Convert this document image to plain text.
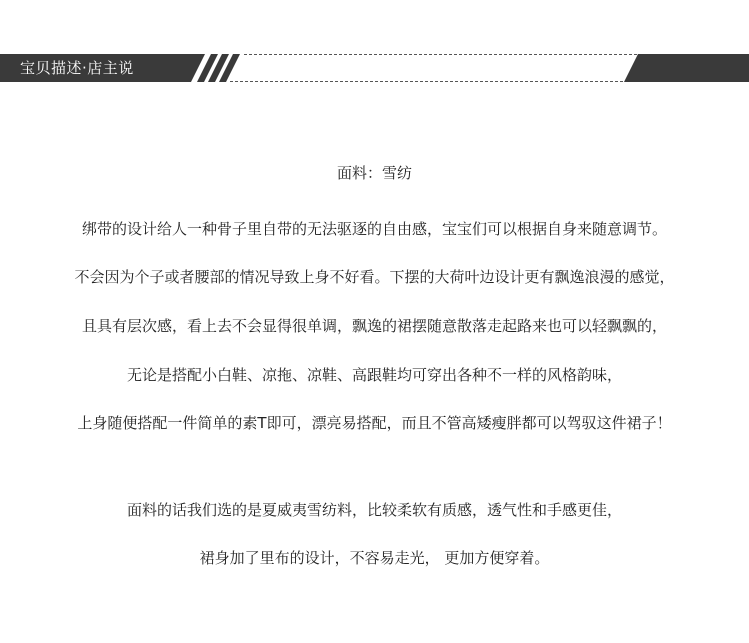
宝贝描述·店主说
面料：雪纺
绑带的设计给人一种骨子里自带的无法驱逐的自由感，宝宝们可以根据自身来随意调节。
不会因为个子或者腰部的情况导致上身不好看。下摆的大荷叶边设计更有飘逸浪漫的感觉，
且具有层次感，看上去不会显得很单调，飘逸的裙摆随意散落走起路来也可以轻飘飘的，
无论是搭配小白鞋、凉拖、凉鞋、高跟鞋均可穿出各种不一样的风格韵味，
上身随便搭配一件简单的素T即可，漂亮易搭配，而且不管高矮瘦胖都可以驾驭这件裙子！
面料的话我们选的是夏威夷雪纺料，比较柔软有质感，透气性和手感更佳，
裙身加了里布的设计，不容易走光， 更加方便穿着。
